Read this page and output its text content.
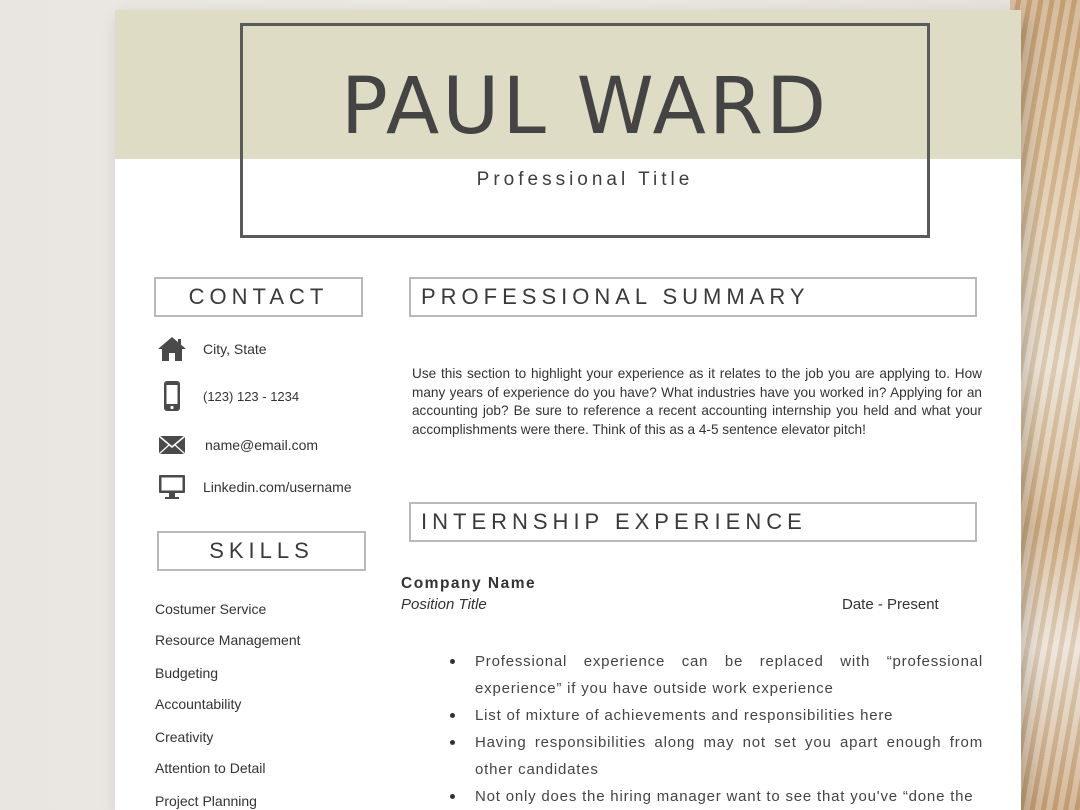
PAUL WARD
Professional Title
CONTACT
City, State
(123) 123 - 1234
name@email.com
Linkedin.com/username
SKILLS
Costumer Service
Resource Management
Budgeting
Accountability
Creativity
Attention to Detail
Project Planning
PROFESSIONAL SUMMARY
Use this section to highlight your experience as it relates to the job you are applying to. How many years of experience do you have? What industries have you worked in? Applying for an accounting job? Be sure to reference a recent accounting internship you held and what your accomplishments were there. Think of this as a 4-5 sentence elevator pitch!
INTERNSHIP EXPERIENCE
Company Name
Position Title	Date - Present
Professional experience can be replaced with “professional experience” if you have outside work experience
List of mixture of achievements and responsibilities here
Having responsibilities along may not set you apart enough from other candidates
Not only does the hiring manager want to see that you've “done the
